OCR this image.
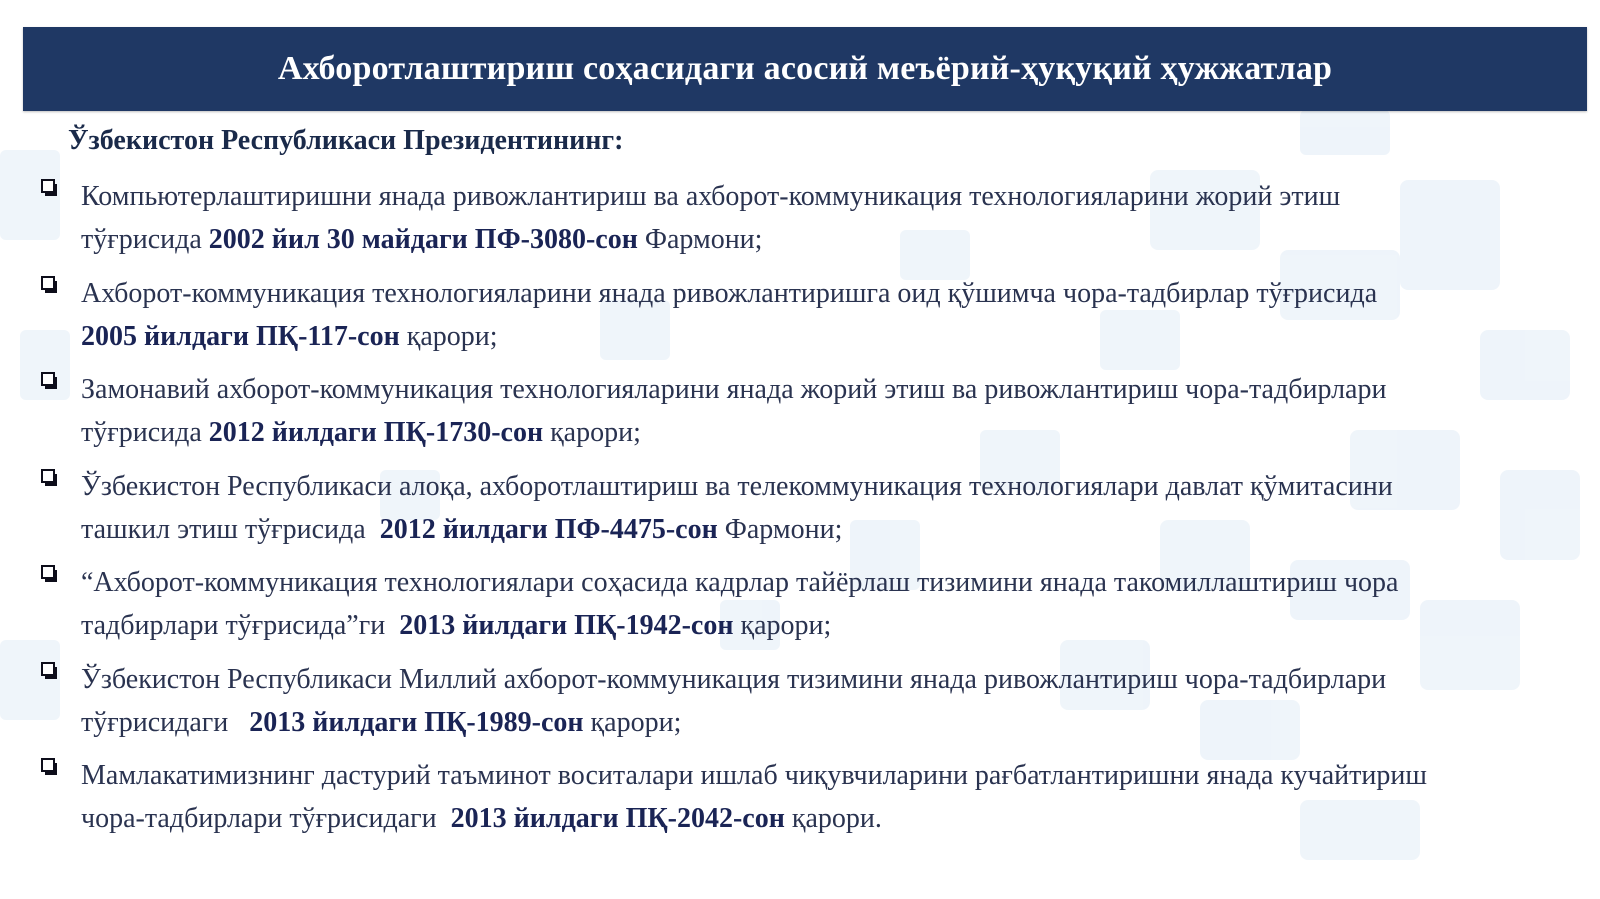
Ахборотлаштириш соҳасидаги асосий меъёрий-ҳуқуқий ҳужжатлар
Ўзбекистон Республикаси Президентининг:
Компьютерлаштиришни янада ривожлантириш ва ахборот-коммуникация технологияларини жорий этиш
тўғрисида 2002 йил 30 майдаги ПФ-3080-сон Фармони;
Ахборот-коммуникация технологияларини янада ривожлантиришга оид қўшимча чора-тадбирлар тўғрисида
2005 йилдаги ПҚ-117-сон қарори;
Замонавий ахборот-коммуникация технологияларини янада жорий этиш ва ривожлантириш чора-тадбирлари
тўғрисида 2012 йилдаги ПҚ-1730-сон қарори;
Ўзбекистон Республикаси алоқа, ахборотлаштириш ва телекоммуникация технологиялари давлат қўмитасини
ташкил этиш тўғрисида  2012 йилдаги ПФ-4475-сон Фармони;
“Ахборот-коммуникация технологиялари соҳасида кадрлар тайёрлаш тизимини янада такомиллаштириш чора
тадбирлари тўғрисида”ги  2013 йилдаги ПҚ-1942-сон қарори;
Ўзбекистон Республикаси Миллий ахборот-коммуникация тизимини янада ривожлантириш чора-тадбирлари
тўғрисидаги   2013 йилдаги ПҚ-1989-сон қарори;
Мамлакатимизнинг дастурий таъминот воситалари ишлаб чиқувчиларини рағбатлантиришни янада кучайтириш
чора-тадбирлари тўғрисидаги  2013 йилдаги ПҚ-2042-сон қарори.
